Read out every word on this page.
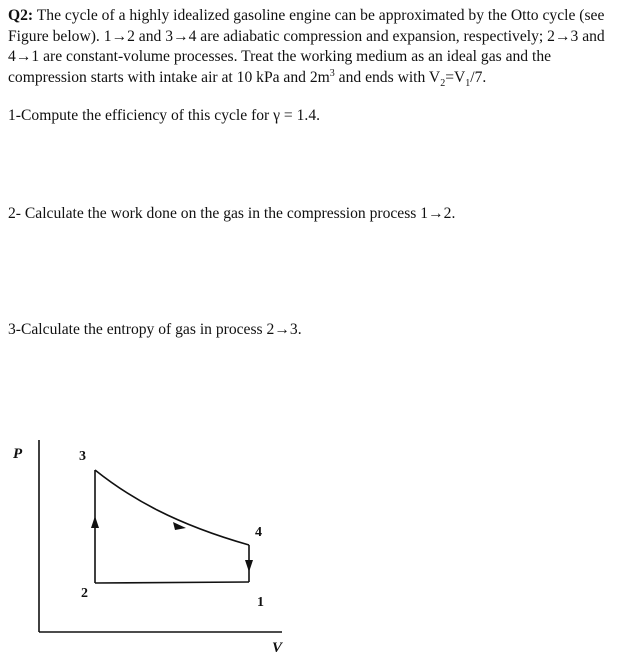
Q2: The cycle of a highly idealized gasoline engine can be approximated by the Otto cycle (see Figure below). 1→2 and 3→4 are adiabatic compression and expansion, respectively; 2→3 and 4→1 are constant-volume processes. Treat the working medium as an ideal gas and the compression starts with intake air at 10 kPa and $2m^3$ and ends with $V_2=V_1/7$.

1-Compute the efficiency of this cycle for γ = 1.4.

2- Calculate the work done on the gas in the compression process 1→2.

3-Calculate the entropy of gas in process 2→3.

P
V
3
4
2
1
